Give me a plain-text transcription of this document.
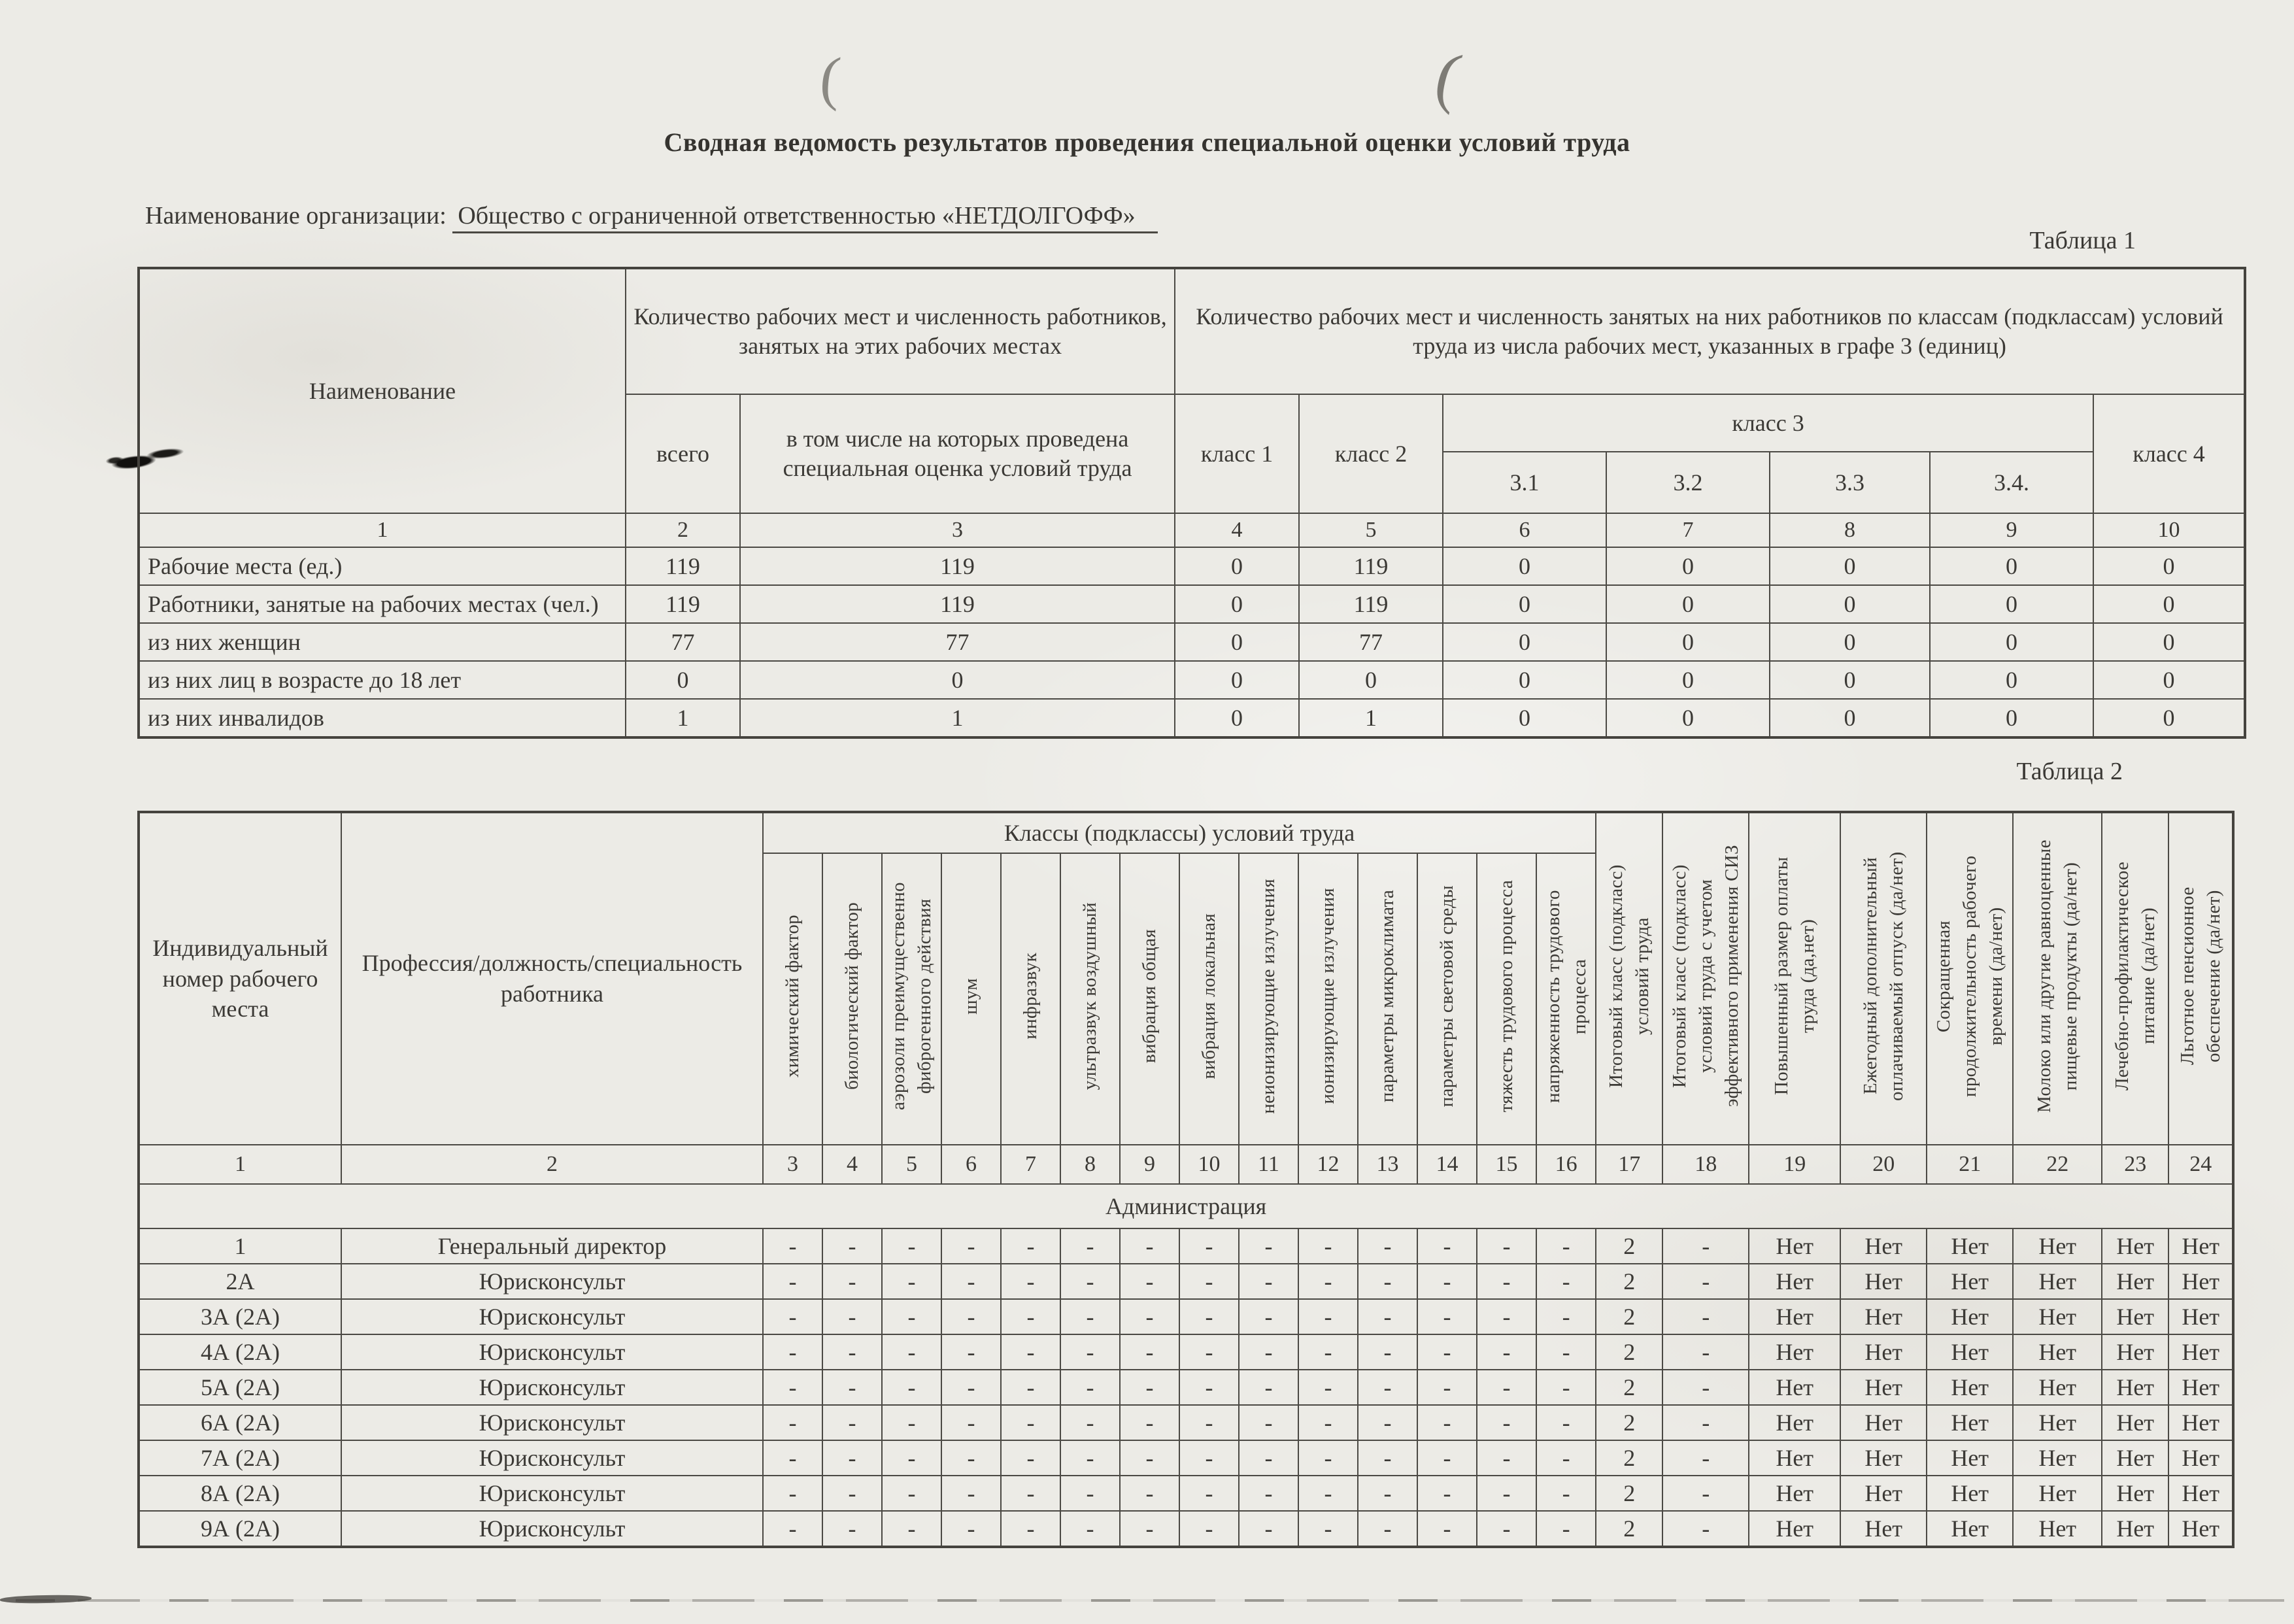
(	(
Сводная ведомость результатов проведения специальной оценки условий труда
Наименование организации: Общество с ограниченной ответственностью «НЕТДОЛГОФФ»
Таблица 1
Таблица 2
Наименование	Количество рабочих мест и численность работников, занятых на этих рабочих местах		Количество рабочих мест и численность занятых на них работников по классам (подклассам) условий труда из числа рабочих мест, указанных в графе 3 (единиц)						
	всего	в том числе на которых проведена специальная оценка условий труда	класс 1	класс 2	класс 3				класс 4
					3.1	3.2	3.3	3.4.	
1	2	3	4	5	6	7	8	9	10
Рабочие места (ед.)	119	119	0	119	0	0	0	0	0
Работники, занятые на рабочих местах (чел.)	119	119	0	119	0	0	0	0	0
из них женщин	77	77	0	77	0	0	0	0	0
из них лиц в возрасте до 18 лет	0	0	0	0	0	0	0	0	0
из них инвалидов	1	1	0	1	0	0	0	0	0
Индивидуальный номер рабочего места	Профессия/должность/специальность работника	Классы (подклассы) условий труда														Итоговый класс (подкласс) условий труда	Итоговый класс (подкласс) условий труда с учетом эффективного применения СИЗ	Повышенный размер оплаты труда (да,нет)	Ежегодный дополнительный оплачиваемый отпуск (да/нет)	Сокращенная продолжительность рабочего времени (да/нет)	Молоко или другие равноценные пищевые продукты (да/нет)	Лечебно-профилактическое питание (да/нет)	Льготное пенсионное обеспечение (да/нет)
		химический фактор	биологический фактор	аэрозоли преимущественно фиброгенного действия	шум	инфразвук	ультразвук воздушный	вибрация общая	вибрация локальная	неионизирующие излучения	ионизирующие излучения	параметры микроклимата	параметры световой среды	тяжесть трудового процесса	напряженность трудового процесса								
1	2	3	4	5	6	7	8	9	10	11	12	13	14	15	16	17	18	19	20	21	22	23	24
Администрация																							
1	Генеральный директор	-	-	-	-	-	-	-	-	-	-	-	-	-	-	2	-	Нет	Нет	Нет	Нет	Нет	Нет
2А	Юрисконсульт	-	-	-	-	-	-	-	-	-	-	-	-	-	-	2	-	Нет	Нет	Нет	Нет	Нет	Нет
3А (2А)	Юрисконсульт	-	-	-	-	-	-	-	-	-	-	-	-	-	-	2	-	Нет	Нет	Нет	Нет	Нет	Нет
4А (2А)	Юрисконсульт	-	-	-	-	-	-	-	-	-	-	-	-	-	-	2	-	Нет	Нет	Нет	Нет	Нет	Нет
5А (2А)	Юрисконсульт	-	-	-	-	-	-	-	-	-	-	-	-	-	-	2	-	Нет	Нет	Нет	Нет	Нет	Нет
6А (2А)	Юрисконсульт	-	-	-	-	-	-	-	-	-	-	-	-	-	-	2	-	Нет	Нет	Нет	Нет	Нет	Нет
7А (2А)	Юрисконсульт	-	-	-	-	-	-	-	-	-	-	-	-	-	-	2	-	Нет	Нет	Нет	Нет	Нет	Нет
8А (2А)	Юрисконсульт	-	-	-	-	-	-	-	-	-	-	-	-	-	-	2	-	Нет	Нет	Нет	Нет	Нет	Нет
9А (2А)	Юрисконсульт	-	-	-	-	-	-	-	-	-	-	-	-	-	-	2	-	Нет	Нет	Нет	Нет	Нет	Нет
